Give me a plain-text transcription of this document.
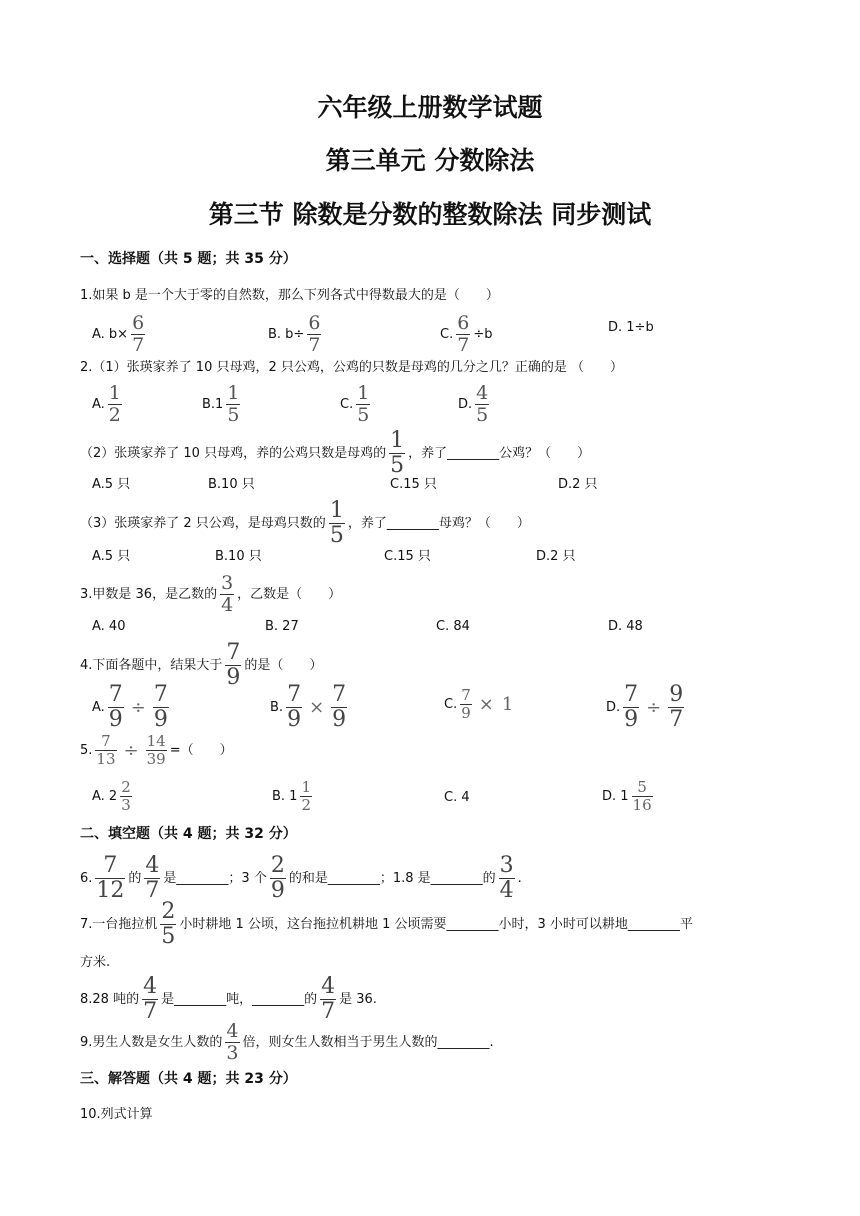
六年级上册数学试题
第三单元 分数除法
第三节 除数是分数的整数除法 同步测试
一、选择题（共 5 题；共 35 分）
1.如果 b 是一个大于零的自然数，那么下列各式中得数最大的是（　　）
A. $b\times \frac{6}{7}$	B. $b\div \frac{6}{7}$	C. $\frac{6}{7} \div b$	D. 1÷b
2.（1）张瑛家养了 10 只母鸡，2 只公鸡，公鸡的只数是母鸡的几分之几？正确的是 （　　）
A. $\frac{1}{2}$	$B.1 \frac{1}{5}$	C. $\frac{1}{5}$	D. $\frac{4}{5}$
（2）张瑛家养了 10 只母鸡，养的公鸡只数是母鸡的 $\frac{1}{5}$ ，养了________公鸡？（　　）
A.5 只	B.10 只	C.15 只	D.2 只
（3）张瑛家养了 2 只公鸡，是母鸡只数的 $\frac{1}{5}$ ，养了________母鸡？（　　）
A.5 只	B.10 只	C.15 只	D.2 只
3.甲数是 36，是乙数的 $\frac{3}{4}$ ，乙数是（　　）
A. 40	B. 27	C. 84	D. 48
4.下面各题中，结果大于 $\frac{7}{9}$ 的是（　　）
A. $\frac{7}{9} \div \frac{7}{9}$	B. $\frac{7}{9} \times \frac{7}{9}$	C. $\frac{7}{9} \times 1$	D. $\frac{7}{9} \div \frac{9}{7}$
5. $\frac{7}{13} \div \frac{14}{39}$ =（　　）
A. $2 \frac{2}{3}$	B. $1 \frac{1}{2}$	C. 4	D. $1 \frac{5}{16}$
二、填空题（共 4 题；共 32 分）
6. $\frac{7}{12}$ 的 $\frac{4}{7}$ 是________；3 个 $\frac{2}{9}$ 的和是________；1.8 是________的 $\frac{3}{4}$ .
7.一台拖拉机 $\frac{2}{5}$ 小时耕地 1 公顷，这台拖拉机耕地 1 公顷需要________小时，3 小时可以耕地________平
方米.
8.28 吨的 $\frac{4}{7}$ 是________吨，________的 $\frac{4}{7}$ 是 36.
9.男生人数是女生人数的 $\frac{4}{3}$ 倍，则女生人数相当于男生人数的________.
三、解答题（共 4 题；共 23 分）
10.列式计算
